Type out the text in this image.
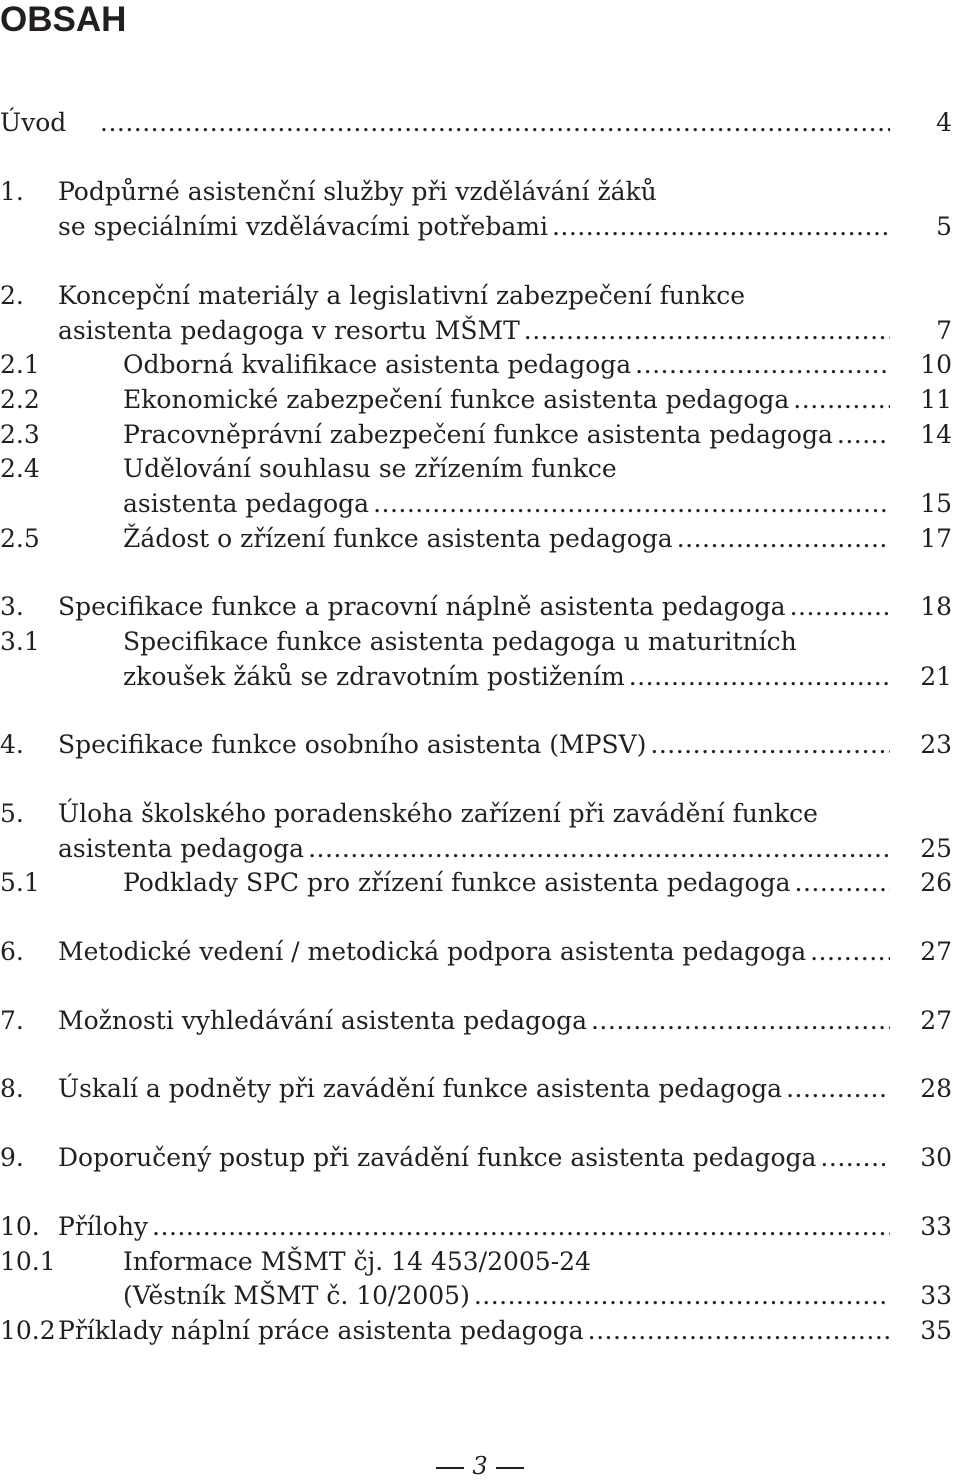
OBSAH
Úvod .....	4
1. Podpůrné asistenční služby při vzdělávání žáků
se speciálními vzdělávacími potřebami .....	5
2. Koncepční materiály a legislativní zabezpečení funkce
asistenta pedagoga v resortu MŠMT .....	7
2.1	Odborná kvalifikace asistenta pedagoga .....	10
2.2	Ekonomické zabezpečení funkce asistenta pedagoga .....	11
2.3	Pracovněprávní zabezpečení funkce asistenta pedagoga .....	14
2.4	Udělování souhlasu se zřízením funkce
asistenta pedagoga .....	15
2.5	Žádost o zřízení funkce asistenta pedagoga .....	17
3. Specifikace funkce a pracovní náplně asistenta pedagoga .....	18
3.1	Specifikace funkce asistenta pedagoga u maturitních
zkoušek žáků se zdravotním postižením .....	21
4. Specifikace funkce osobního asistenta (MPSV) .....	23
5. Úloha školského poradenského zařízení při zavádění funkce
asistenta pedagoga .....	25
5.1	Podklady SPC pro zřízení funkce asistenta pedagoga .....	26
6. Metodické vedení / metodická podpora asistenta pedagoga .....	27
7. Možnosti vyhledávání asistenta pedagoga .....	27
8. Úskalí a podněty při zavádění funkce asistenta pedagoga .....	28
9. Doporučený postup při zavádění funkce asistenta pedagoga .....	30
10. Přílohy .....	33
10.1	Informace MŠMT čj. 14 453/2005-24
(Věstník MŠMT č. 10/2005) .....	33
10.2 Příklady náplní práce asistenta pedagoga .....	35
3
